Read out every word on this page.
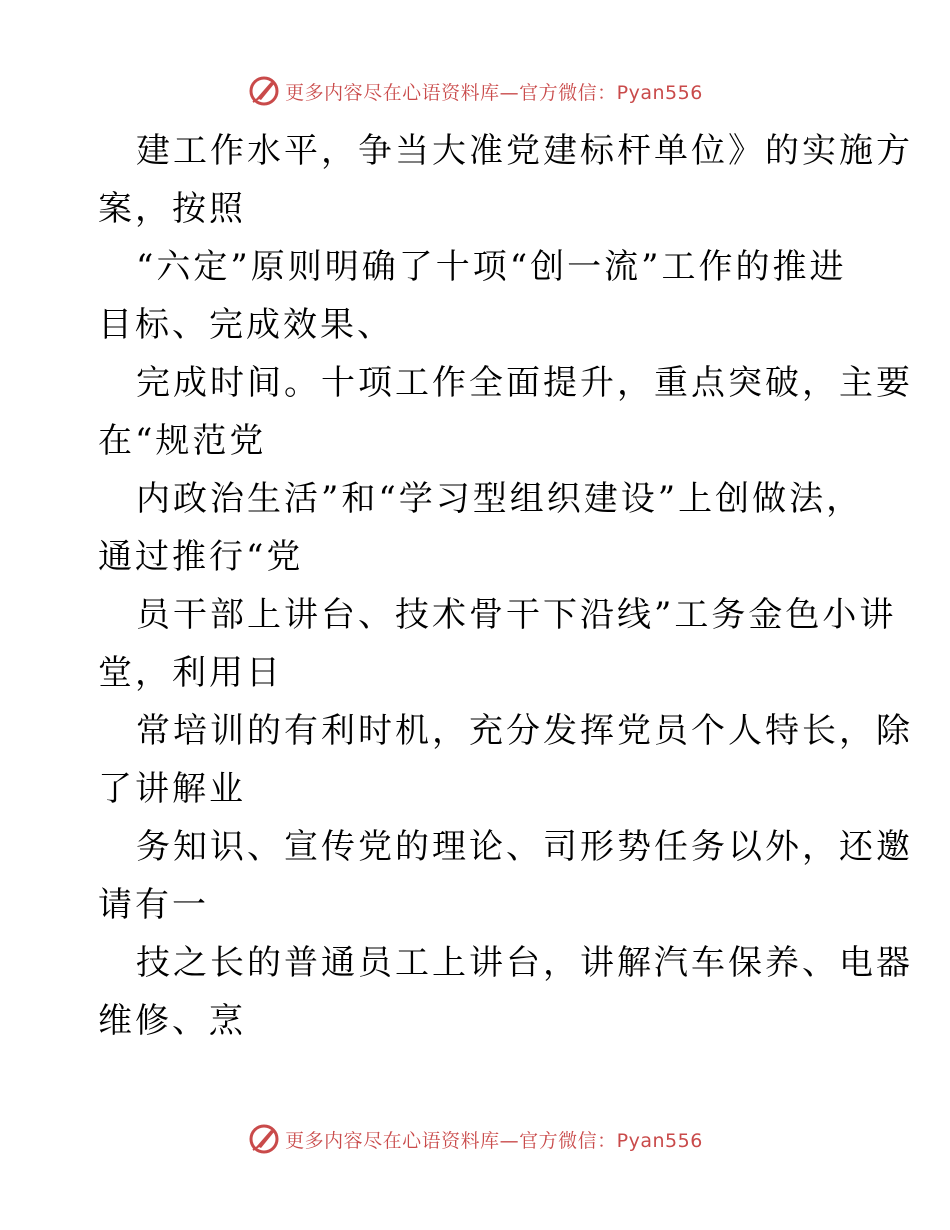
更多内容尽在心语资料库—官方微信：Pyan556
建工作水平，争当大准党建标杆单位》的实施方
案，按照
“六定”原则明确了十项“创一流”工作的推进
目标、完成效果、
完成时间。十项工作全面提升，重点突破，主要
在“规范党
内政治生活”和“学习型组织建设”上创做法，
通过推行“党
员干部上讲台、技术骨干下沿线”工务金色小讲
堂，利用日
常培训的有利时机，充分发挥党员个人特长，除
了讲解业
务知识、宣传党的理论、司形势任务以外，还邀
请有一
技之长的普通员工上讲台，讲解汽车保养、电器
维修、烹
更多内容尽在心语资料库—官方微信：Pyan556
